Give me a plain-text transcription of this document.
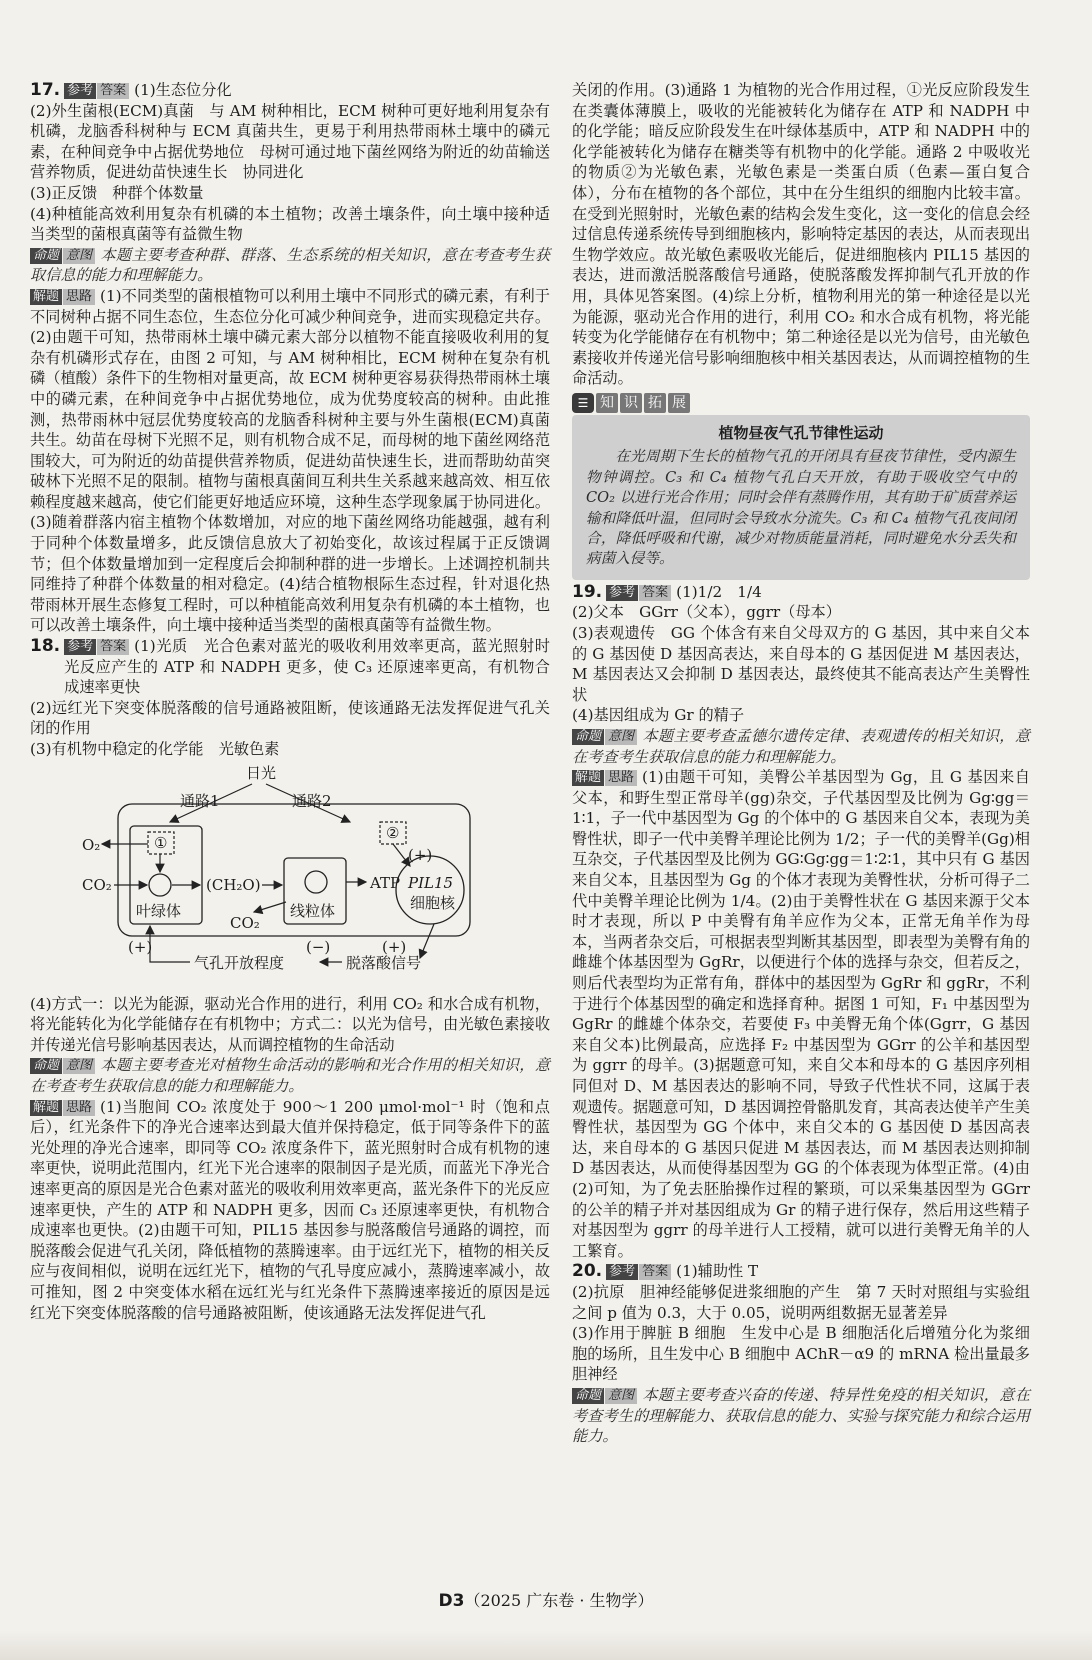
17. 参考 答案 (1)生态位分化

(2)外生菌根(ECM)真菌　与 AM 树种相比，ECM 树种可更好地利用复杂有机磷，龙脑香科树种与 ECM 真菌共生，更易于利用热带雨林土壤中的磷元素，在种间竞争中占据优势地位　母树可通过地下菌丝网络为附近的幼苗输送营养物质，促进幼苗快速生长　协同进化

(3)正反馈　种群个体数量

(4)种植能高效利用复杂有机磷的本土植物；改善土壤条件，向土壤中接种适当类型的菌根真菌等有益微生物

命题 意图 本题主要考查种群、群落、生态系统的相关知识，意在考查考生获取信息的能力和理解能力。

解题 思路 (1)不同类型的菌根植物可以利用土壤中不同形式的磷元素，有利于不同树种占据不同生态位，生态位分化可减少种间竞争，进而实现稳定共存。(2)由题干可知，热带雨林土壤中磷元素大部分以植物不能直接吸收利用的复杂有机磷形式存在，由图 2 可知，与 AM 树种相比，ECM 树种在复杂有机磷（植酸）条件下的生物相对量更高，故 ECM 树种更容易获得热带雨林土壤中的磷元素，在种间竞争中占据优势地位，成为优势度较高的树种。由此推测，热带雨林中冠层优势度较高的龙脑香科树种主要与外生菌根(ECM)真菌共生。幼苗在母树下光照不足，则有机物合成不足，而母树的地下菌丝网络范围较大，可为附近的幼苗提供营养物质，促进幼苗快速生长，进而帮助幼苗突破林下光照不足的限制。植物与菌根真菌间互利共生关系越来越高效、相互依赖程度越来越高，使它们能更好地适应环境，这种生态学现象属于协同进化。(3)随着群落内宿主植物个体数增加，对应的地下菌丝网络功能越强，越有利于同种个体数量增多，此反馈信息放大了初始变化，故该过程属于正反馈调节；但个体数量增加到一定程度后会抑制种群的进一步增长。上述调控机制共同维持了种群个体数量的相对稳定。(4)结合植物根际生态过程，针对退化热带雨林开展生态修复工程时，可以种植能高效利用复杂有机磷的本土植物，也可以改善土壤条件，向土壤中接种适当类型的菌根真菌等有益微生物。

18. 参考 答案 (1)光质　光合色素对蓝光的吸收利用效率更高，蓝光照射时光反应产生的 ATP 和 NADPH 更多，使 C₃ 还原速率更高，有机物合成速率更快

(2)远红光下突变体脱落酸的信号通路被阻断，使该通路无法发挥促进气孔关闭的作用

(3)有机物中稳定的化学能　光敏色素

日光
通路1	通路2
O₂
CO₂
①
叶绿体
(CH₂O)
CO₂
线粒体
ATP
②
(+)
PIL15
细胞核
(+)	(−)	(+)
气孔开放程度	脱落酸信号

(4)方式一：以光为能源，驱动光合作用的进行，利用 CO₂ 和水合成有机物，将光能转化为化学能储存在有机物中；方式二：以光为信号，由光敏色素接收并传递光信号影响基因表达，从而调控植物的生命活动

命题 意图 本题主要考查光对植物生命活动的影响和光合作用的相关知识，意在考查考生获取信息的能力和理解能力。

解题 思路 (1)当胞间 CO₂ 浓度处于 900～1 200 μmol·mol⁻¹ 时（饱和点后），红光条件下的净光合速率达到最大值并保持稳定，低于同等条件下的蓝光处理的净光合速率，即同等 CO₂ 浓度条件下，蓝光照射时合成有机物的速率更快，说明此范围内，红光下光合速率的限制因子是光质，而蓝光下净光合速率更高的原因是光合色素对蓝光的吸收利用效率更高，蓝光条件下的光反应速率更快，产生的 ATP 和 NADPH 更多，因而 C₃ 还原速率更快，有机物合成速率也更快。(2)由题干可知，PIL15 基因参与脱落酸信号通路的调控，而脱落酸会促进气孔关闭，降低植物的蒸腾速率。由于远红光下，植物的相关反应与夜间相似，说明在远红光下，植物的气孔导度应减小，蒸腾速率减小，故可推知，图 2 中突变体水稻在远红光与红光条件下蒸腾速率接近的原因是远红光下突变体脱落酸的信号通路被阻断，使该通路无法发挥促进气孔

关闭的作用。(3)通路 1 为植物的光合作用过程，①光反应阶段发生在类囊体薄膜上，吸收的光能被转化为储存在 ATP 和 NADPH 中的化学能；暗反应阶段发生在叶绿体基质中，ATP 和 NADPH 中的化学能被转化为储存在糖类等有机物中的化学能。通路 2 中吸收光的物质②为光敏色素，光敏色素是一类蛋白质（色素—蛋白复合体），分布在植物的各个部位，其中在分生组织的细胞内比较丰富。在受到光照射时，光敏色素的结构会发生变化，这一变化的信息会经过信息传递系统传导到细胞核内，影响特定基因的表达，从而表现出生物学效应。故光敏色素吸收光能后，促进细胞核内 PIL15 基因的表达，进而激活脱落酸信号通路，使脱落酸发挥抑制气孔开放的作用，具体见答案图。(4)综上分析，植物利用光的第一种途径是以光为能源，驱动光合作用的进行，利用 CO₂ 和水合成有机物，将光能转变为化学能储存在有机物中；第二种途径是以光为信号，由光敏色素接收并传递光信号影响细胞核中相关基因表达，从而调控植物的生命活动。

☰ 知 识 拓 展
植物昼夜气孔节律性运动

在光周期下生长的植物气孔的开闭具有昼夜节律性，受内源生物钟调控。C₃ 和 C₄ 植物气孔白天开放，有助于吸收空气中的 CO₂ 以进行光合作用；同时会伴有蒸腾作用，其有助于矿质营养运输和降低叶温，但同时会导致水分流失。C₃ 和 C₄ 植物气孔夜间闭合，降低呼吸和代谢，减少对物质能量消耗，同时避免水分丢失和病菌入侵等。

19. 参考 答案 (1)1/2　1/4

(2)父本　GGrr（父本），ggrr（母本）

(3)表观遗传　GG 个体含有来自父母双方的 G 基因，其中来自父本的 G 基因使 D 基因高表达，来自母本的 G 基因促进 M 基因表达，M 基因表达又会抑制 D 基因表达，最终使其不能高表达产生美臀性状

(4)基因组成为 Gr 的精子

命题 意图 本题主要考查孟德尔遗传定律、表观遗传的相关知识，意在考查考生获取信息的能力和理解能力。

解题 思路 (1)由题干可知，美臀公羊基因型为 Gg，且 G 基因来自父本，和野生型正常母羊(gg)杂交，子代基因型及比例为 Gg∶gg＝1∶1，子一代中基因型为 Gg 的个体中的 G 基因来自父本，表现为美臀性状，即子一代中美臀羊理论比例为 1/2；子一代的美臀羊(Gg)相互杂交，子代基因型及比例为 GG∶Gg∶gg＝1∶2∶1，其中只有 G 基因来自父本，且基因型为 Gg 的个体才表现为美臀性状，分析可得子二代中美臀羊理论比例为 1/4。(2)由于美臀性状在 G 基因来源于父本时才表现，所以 P 中美臀有角羊应作为父本，正常无角羊作为母本，当两者杂交后，可根据表型判断其基因型，即表型为美臀有角的雌雄个体基因型为 GgRr，以便进行个体的选择与杂交，但若反之，则后代表型均为正常有角，群体中的基因型为 GgRr 和 ggRr，不利于进行个体基因型的确定和选择育种。据图 1 可知，F₁ 中基因型为 GgRr 的雌雄个体杂交，若要使 F₃ 中美臀无角个体(Ggrr，G 基因来自父本)比例最高，应选择 F₂ 中基因型为 GGrr 的公羊和基因型为 ggrr 的母羊。(3)据题意可知，来自父本和母本的 G 基因序列相同但对 D、M 基因表达的影响不同，导致子代性状不同，这属于表观遗传。据题意可知，D 基因调控骨骼肌发育，其高表达使羊产生美臀性状，基因型为 GG 个体中，来自父本的 G 基因使 D 基因高表达，来自母本的 G 基因只促进 M 基因表达，而 M 基因表达则抑制 D 基因表达，从而使得基因型为 GG 的个体表现为体型正常。(4)由(2)可知，为了免去胚胎操作过程的繁琐，可以采集基因型为 GGrr 的公羊的精子并对基因组成为 Gr 的精子进行保存，然后用这些精子对基因型为 ggrr 的母羊进行人工授精，就可以进行美臀无角羊的人工繁育。

20. 参考 答案 (1)辅助性 T

(2)抗原　胆神经能够促进浆细胞的产生　第 7 天时对照组与实验组之间 p 值为 0.3，大于 0.05，说明两组数据无显著差异

(3)作用于脾脏 B 细胞　生发中心是 B 细胞活化后增殖分化为浆细胞的场所，且生发中心 B 细胞中 AChR－α9 的 mRNA 检出量最多　胆神经

命题 意图 本题主要考查兴奋的传递、特异性免疫的相关知识，意在考查考生的理解能力、获取信息的能力、实验与探究能力和综合运用能力。

D3（2025 广东卷 · 生物学）
